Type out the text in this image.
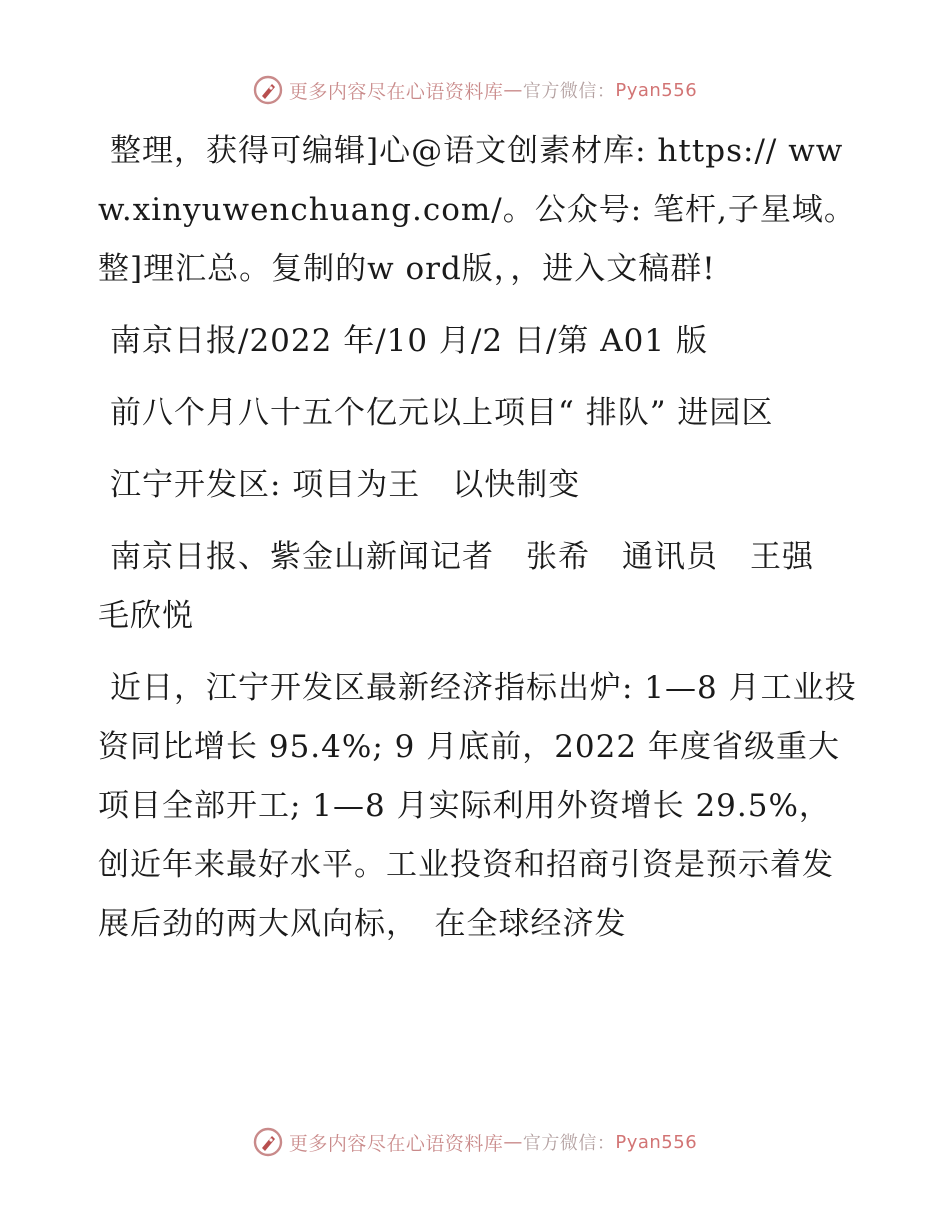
更多内容尽在心语资料库 — 官方微信： Pyan556

整理，获得可编辑]心@语文创素材库: https:// www.xinyuwenchuang.com/。公众号: 笔杆,子星域。整]理汇总。复制的w ord版，，进入文稿群!

南京日报/2022 年/10 月/2 日/第 A01 版

前八个月八十五个亿元以上项目“ 排队” 进园区

江宁开发区: 项目为王　以快制变

南京日报、紫金山新闻记者　张希　通讯员　王强　毛欣悦

近日，江宁开发区最新经济指标出炉: 1—8 月工业投资同比增长 95.4%; 9 月底前，2022 年度省级重大项目全部开工; 1—8 月实际利用外资增长 29.5%，创近年来最好水平。工业投资和招商引资是预示着发展后劲的两大风向标，　在全球经济发

更多内容尽在心语资料库 — 官方微信： Pyan556
